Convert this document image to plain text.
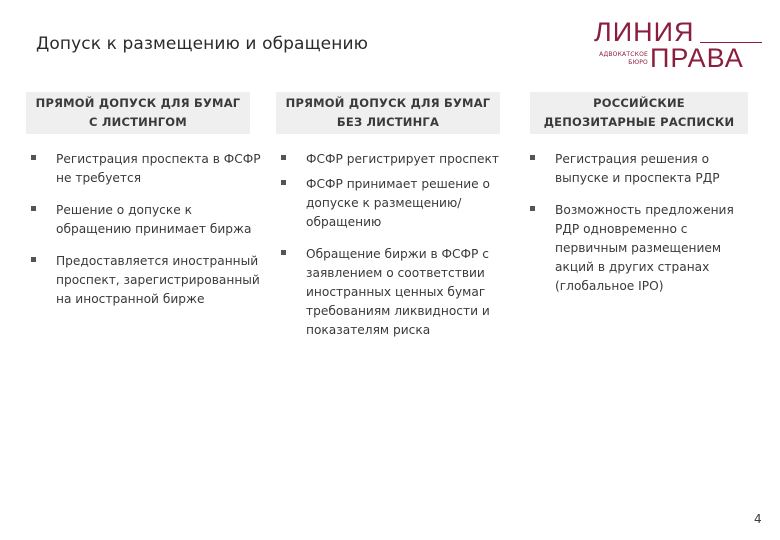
Допуск к размещению и обращению	ЛИНИЯ
АДВОКАТСКОЕ БЮРО ПРАВА
ПРЯМОЙ ДОПУСК ДЛЯ БУМАГ
С ЛИСТИНГОМ
Регистрация проспекта в ФСФР не требуется
Решение о допуске к обращению принимает биржа
Предоставляется иностранный проспект, зарегистрированный на иностранной бирже
ПРЯМОЙ ДОПУСК ДЛЯ БУМАГ
БЕЗ ЛИСТИНГА
ФСФР регистрирует проспект
ФСФР принимает решение о допуске к размещению/обращению
Обращение биржи в ФСФР с заявлением о соответствии иностранных ценных бумаг требованиям ликвидности и показателям риска
РОССИЙСКИЕ
ДЕПОЗИТАРНЫЕ РАСПИСКИ
Регистрация решения о выпуске и проспекта РДР
Возможность предложения РДР одновременно с первичным размещением акций в других странах (глобальное IPO)
4
